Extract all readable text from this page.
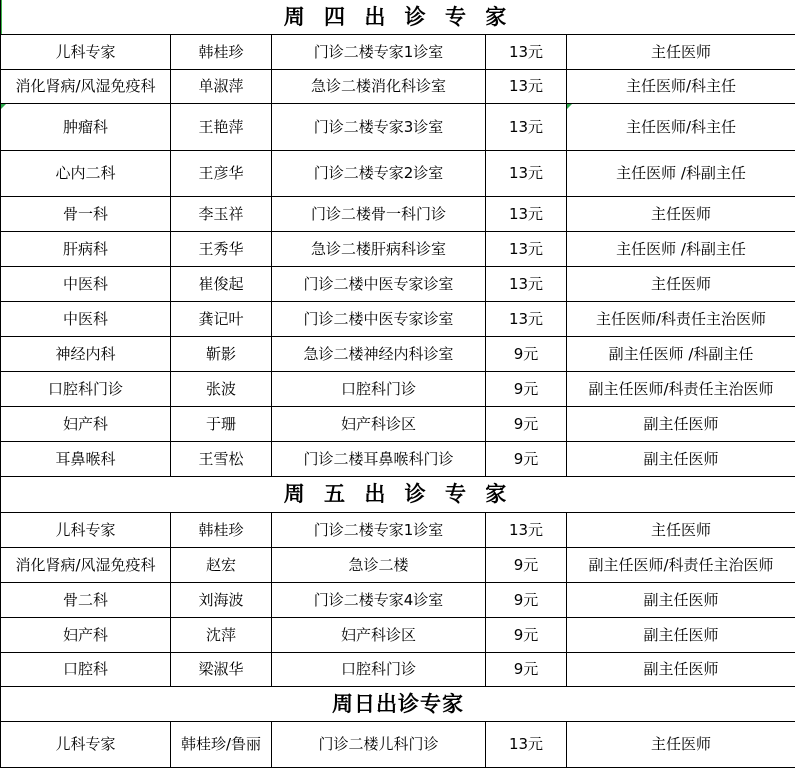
周 四 出 诊 专 家				
儿科专家	韩桂珍	门诊二楼专家1诊室	13元	主任医师
消化肾病/风湿免疫科	单淑萍	急诊二楼消化科诊室	13元	主任医师/科主任

肿瘤科	王艳萍	门诊二楼专家3诊室	13元	主任医师/科主任
心内二科	王彦华	门诊二楼专家2诊室	13元	主任医师 /科副主任
骨一科	李玉祥	门诊二楼骨一科门诊	13元	主任医师
肝病科	王秀华	急诊二楼肝病科诊室	13元	主任医师 /科副主任
中医科	崔俊起	门诊二楼中医专家诊室	13元	主任医师
中医科	龚记叶	门诊二楼中医专家诊室	13元	主任医师/科责任主治医师
神经内科	靳影	急诊二楼神经内科诊室	9元	副主任医师 /科副主任
口腔科门诊	张波	口腔科门诊	9元	副主任医师/科责任主治医师
妇产科	于珊	妇产科诊区	9元	副主任医师
耳鼻喉科	王雪松	门诊二楼耳鼻喉科门诊	9元	副主任医师
周 五 出 诊 专 家				
儿科专家	韩桂珍	门诊二楼专家1诊室	13元	主任医师
消化肾病/风湿免疫科	赵宏	急诊二楼	9元	副主任医师/科责任主治医师
骨二科	刘海波	门诊二楼专家4诊室	9元	副主任医师
妇产科	沈萍	妇产科诊区	9元	副主任医师
口腔科	梁淑华	口腔科门诊	9元	副主任医师
周日出诊专家				
儿科专家	韩桂珍/鲁丽	门诊二楼儿科门诊	13元	主任医师
